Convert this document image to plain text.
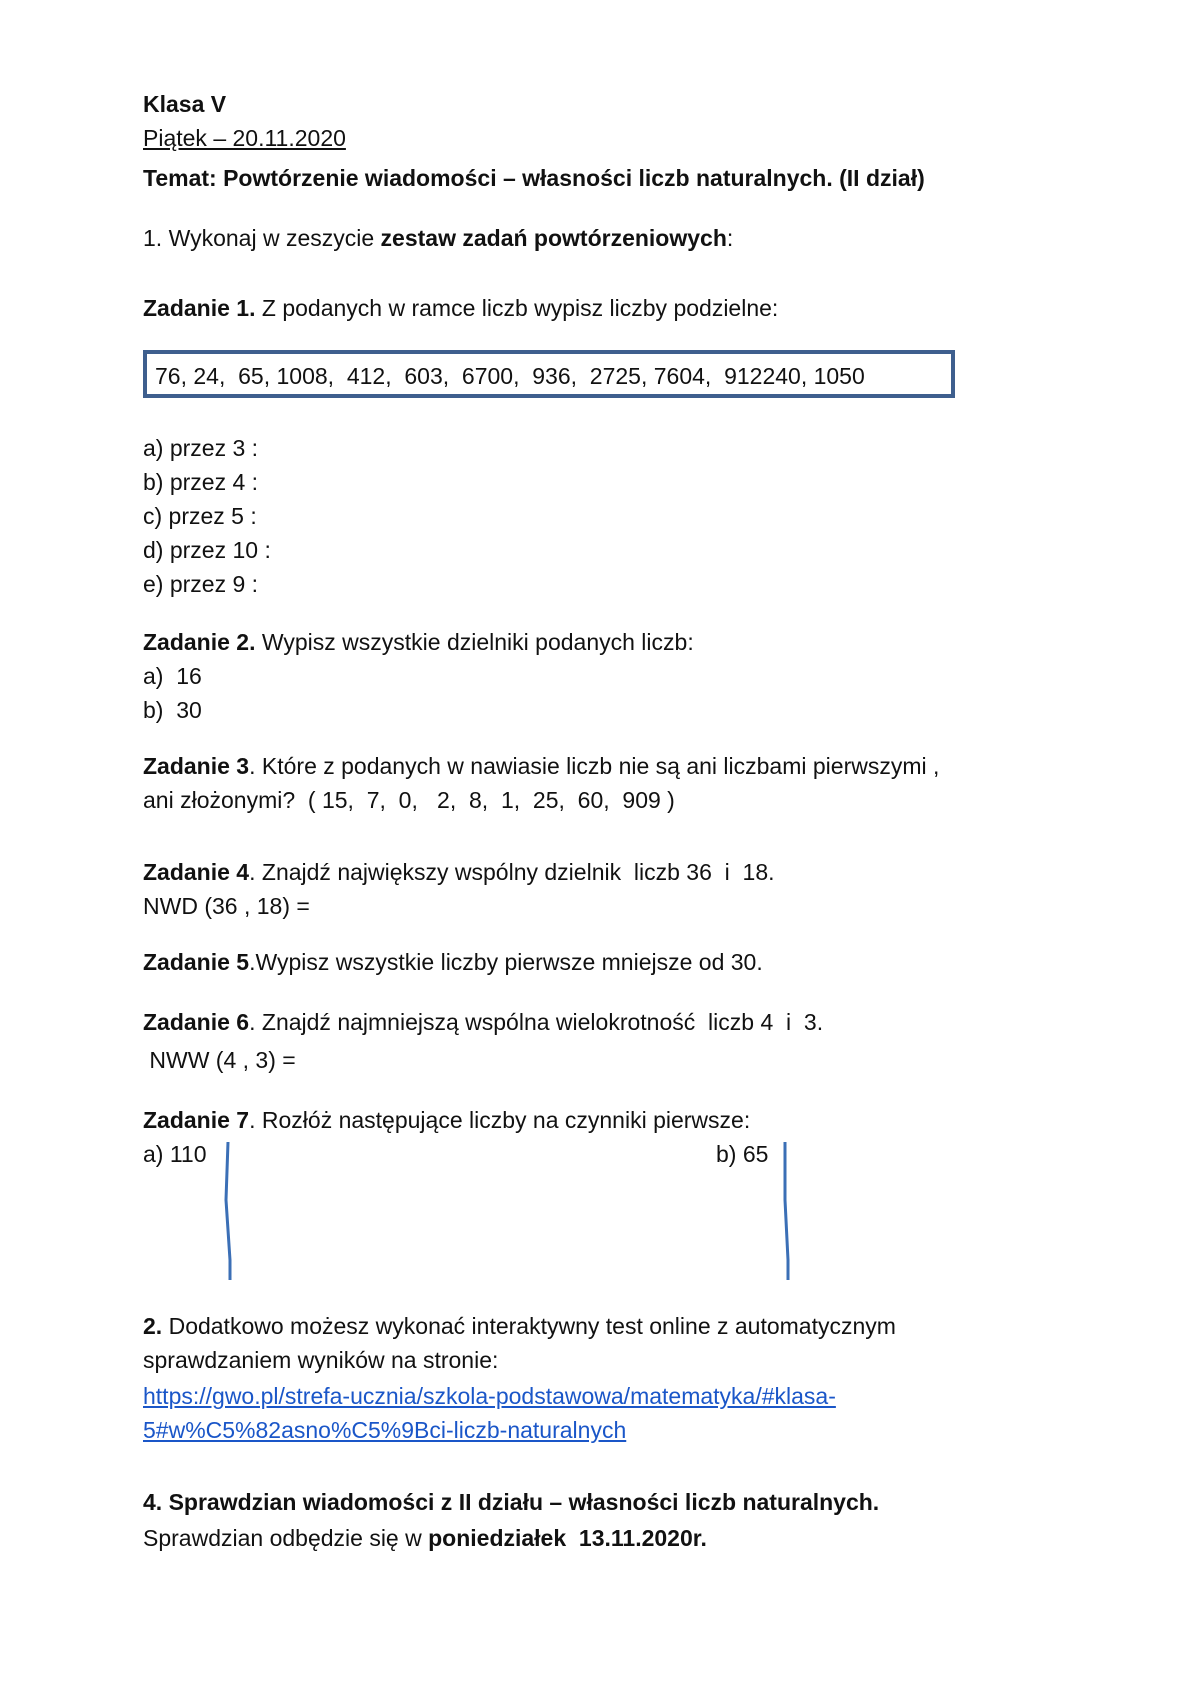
Klasa V
Piątek – 20.11.2020
Temat: Powtórzenie wiadomości – własności liczb naturalnych. (II dział)
1. Wykonaj w zeszycie zestaw zadań powtórzeniowych:
Zadanie 1. Z podanych w ramce liczb wypisz liczby podzielne:
76, 24,  65, 1008,  412,  603,  6700,  936,  2725, 7604,  912240, 1050
a) przez 3 :
b) przez 4 :
c) przez 5 :
d) przez 10 :
e) przez 9 :
Zadanie 2. Wypisz wszystkie dzielniki podanych liczb:
a)  16
b)  30
Zadanie 3. Które z podanych w nawiasie liczb nie są ani liczbami pierwszymi ,
ani złożonymi?  ( 15,  7,  0,   2,  8,  1,  25,  60,  909 )
Zadanie 4. Znajdź największy wspólny dzielnik  liczb 36  i  18.
NWD (36 , 18) =
Zadanie 5.Wypisz wszystkie liczby pierwsze mniejsze od 30.
Zadanie 6. Znajdź najmniejszą wspólna wielokrotność  liczb 4  i  3.
NWW (4 , 3) =
Zadanie 7. Rozłóż następujące liczby na czynniki pierwsze:
a) 110	b) 65
2. Dodatkowo możesz wykonać interaktywny test online z automatycznym
sprawdzaniem wyników na stronie:
https://gwo.pl/strefa-ucznia/szkola-podstawowa/matematyka/#klasa-
5#w%C5%82asno%C5%9Bci-liczb-naturalnych
4. Sprawdzian wiadomości z II działu – własności liczb naturalnych.
Sprawdzian odbędzie się w poniedziałek  13.11.2020r.
